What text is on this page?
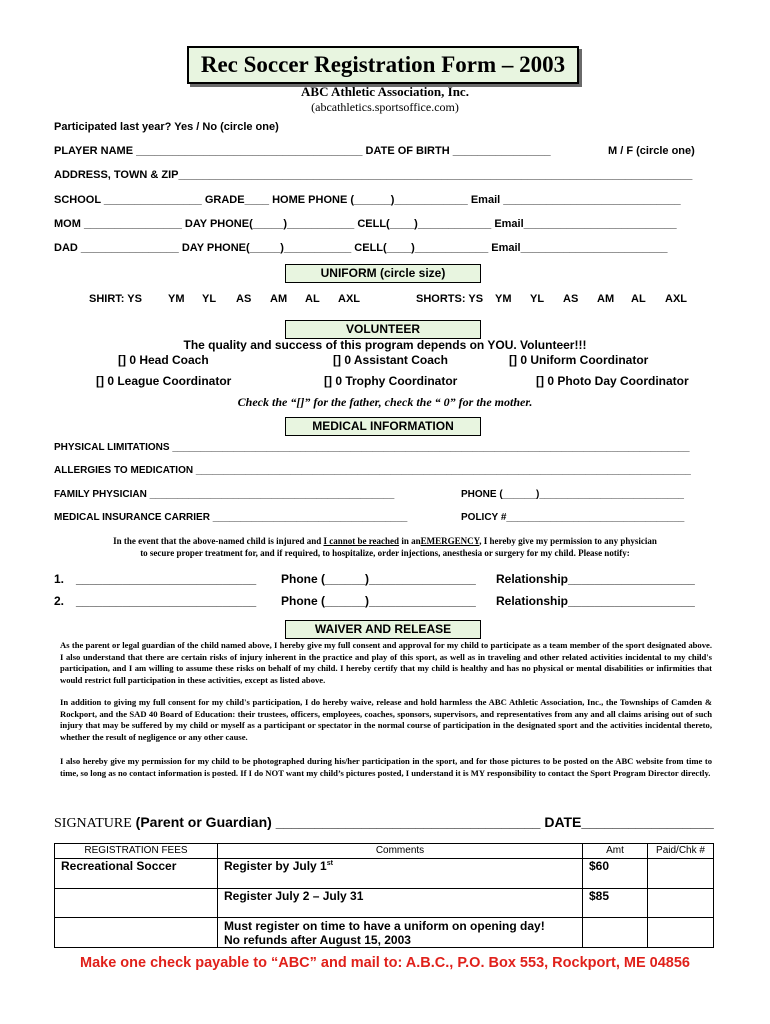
Rec Soccer Registration Form – 2003
ABC Athletic Association, Inc.
(abcathletics.sportsoffice.com)
Participated last year? Yes / No (circle one)
PLAYER NAME _____________________________________ DATE OF BIRTH ________________	M / F (circle one)
ADDRESS, TOWN & ZIP____________________________________________________________________________________
SCHOOL ________________ GRADE____ HOME PHONE (______)____________ Email _____________________________
MOM ________________ DAY PHONE(_____)___________ CELL(____)____________ Email_________________________
DAD ________________ DAY PHONE(_____)___________ CELL(____)____________ Email________________________
UNIFORM (circle size)
SHIRT: YS YM YL AS AM AL AXL	SHORTS: YS YM YL AS AM AL AXL
VOLUNTEER
The quality and success of this program depends on YOU. Volunteer!!!
[] 0 Head Coach	[] 0 Assistant Coach	[] 0 Uniform Coordinator
[] 0 League Coordinator	[] 0 Trophy Coordinator	[] 0 Photo Day Coordinator
Check the “[]” for the father, check the “ 0” for the mother.
MEDICAL INFORMATION
PHYSICAL LIMITATIONS _____________________________________________________________________________________________
ALLERGIES TO MEDICATION _________________________________________________________________________________________
FAMILY PHYSICIAN ____________________________________________	PHONE (______)__________________________
MEDICAL INSURANCE CARRIER ___________________________________	POLICY #________________________________
In the event that the above-named child is injured and I cannot be reached in anEMERGENCY, I hereby give my permission to any physician
to secure proper treatment for, and if required, to hospitalize, order injections, anesthesia or surgery for my child. Please notify:
1. ___________________________ Phone (______)________________ Relationship___________________
2. ___________________________ Phone (______)________________ Relationship___________________
WAIVER AND RELEASE
As the parent or legal guardian of the child named above, I hereby give my full consent and approval for my child to participate as a team member of the sport designated above. I also understand that there are certain risks of injury inherent in the practice and play of this sport, as well as in traveling and other related activities incidental to my child's participation, and I am willing to assume these risks on behalf of my child. I hereby certify that my child is healthy and has no physical or mental disabilities or infirmities that would restrict full participation in these activities, except as listed above.
In addition to giving my full consent for my child's participation, I do hereby waive, release and hold harmless the ABC Athletic Association, Inc., the Townships of Camden & Rockport, and the SAD 40 Board of Education: their trustees, officers, employees, coaches, sponsors, supervisors, and representatives from any and all claims arising out of such injury that may be suffered by my child or myself as a participant or spectator in the normal course of participation in the designated sport and the activities incidental thereto, whether the result of negligence or any other cause.
I also hereby give my permission for my child to be photographed during his/her participation in the sport, and for those pictures to be posted on the ABC website from time to time, so long as no contact information is posted. If I do NOT want my child’s pictures posted, I understand it is MY responsibility to contact the Sport Program Director directly.
SIGNATURE (Parent or Guardian) __________________________________ DATE_________________
REGISTRATION FEES	Comments	Amt	Paid/Chk #
Recreational Soccer	Register by July 1st	$60	
	Register July 2 – July 31	$85	

	Must register on time to have a uniform on opening day!
No refunds after August 15, 2003		

Make one check payable to “ABC” and mail to: A.B.C., P.O. Box 553, Rockport, ME 04856
